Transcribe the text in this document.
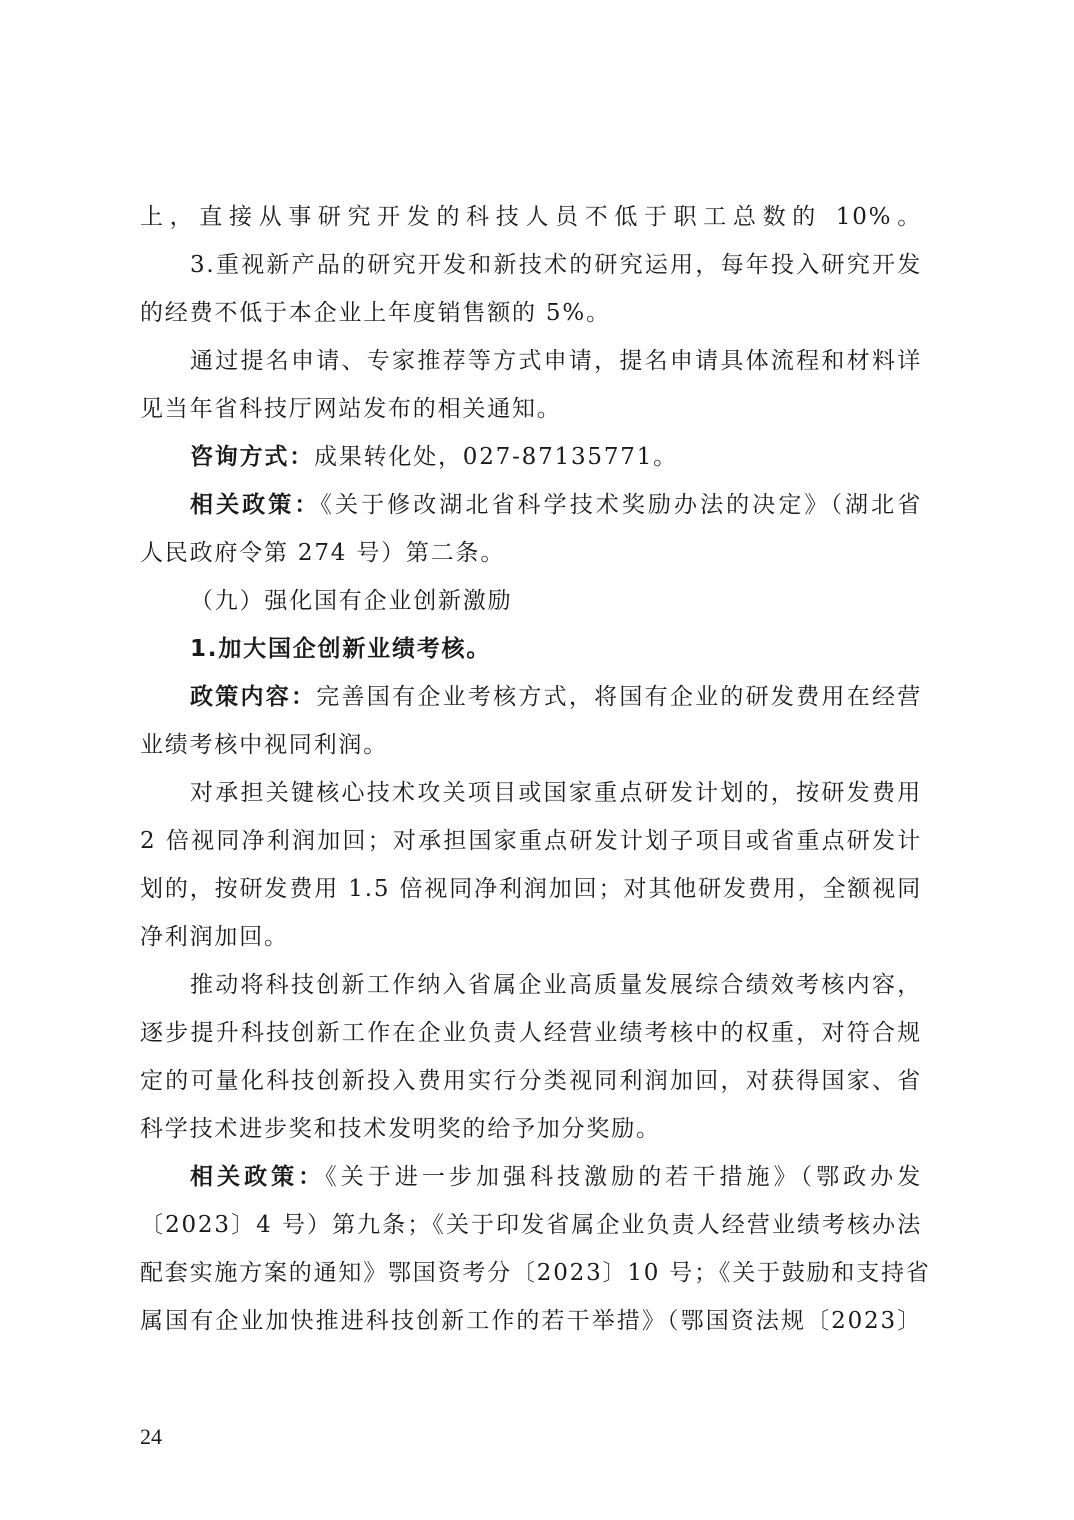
上，直接从事研究开发的科技人员不低于职工总数的 10%。
3.重视新产品的研究开发和新技术的研究运用，每年投入研究开发
的经费不低于本企业上年度销售额的 5%。
通过提名申请、专家推荐等方式申请，提名申请具体流程和材料详
见当年省科技厅网站发布的相关通知。
咨询方式：成果转化处，027-87135771。
相关政策：《关于修改湖北省科学技术奖励办法的决定》（湖北省
人民政府令第 274 号）第二条。
（九）强化国有企业创新激励
1.加大国企创新业绩考核。
政策内容：完善国有企业考核方式，将国有企业的研发费用在经营
业绩考核中视同利润。
对承担关键核心技术攻关项目或国家重点研发计划的，按研发费用
2 倍视同净利润加回；对承担国家重点研发计划子项目或省重点研发计
划的，按研发费用 1.5 倍视同净利润加回；对其他研发费用，全额视同
净利润加回。
推动将科技创新工作纳入省属企业高质量发展综合绩效考核内容，
逐步提升科技创新工作在企业负责人经营业绩考核中的权重，对符合规
定的可量化科技创新投入费用实行分类视同利润加回，对获得国家、省
科学技术进步奖和技术发明奖的给予加分奖励。
相关政策：《关于进一步加强科技激励的若干措施》（鄂政办发
〔2023〕4 号）第九条；《关于印发省属企业负责人经营业绩考核办法
配套实施方案的通知》鄂国资考分〔2023〕10 号；《关于鼓励和支持省
属国有企业加快推进科技创新工作的若干举措》（鄂国资法规〔2023〕
24
